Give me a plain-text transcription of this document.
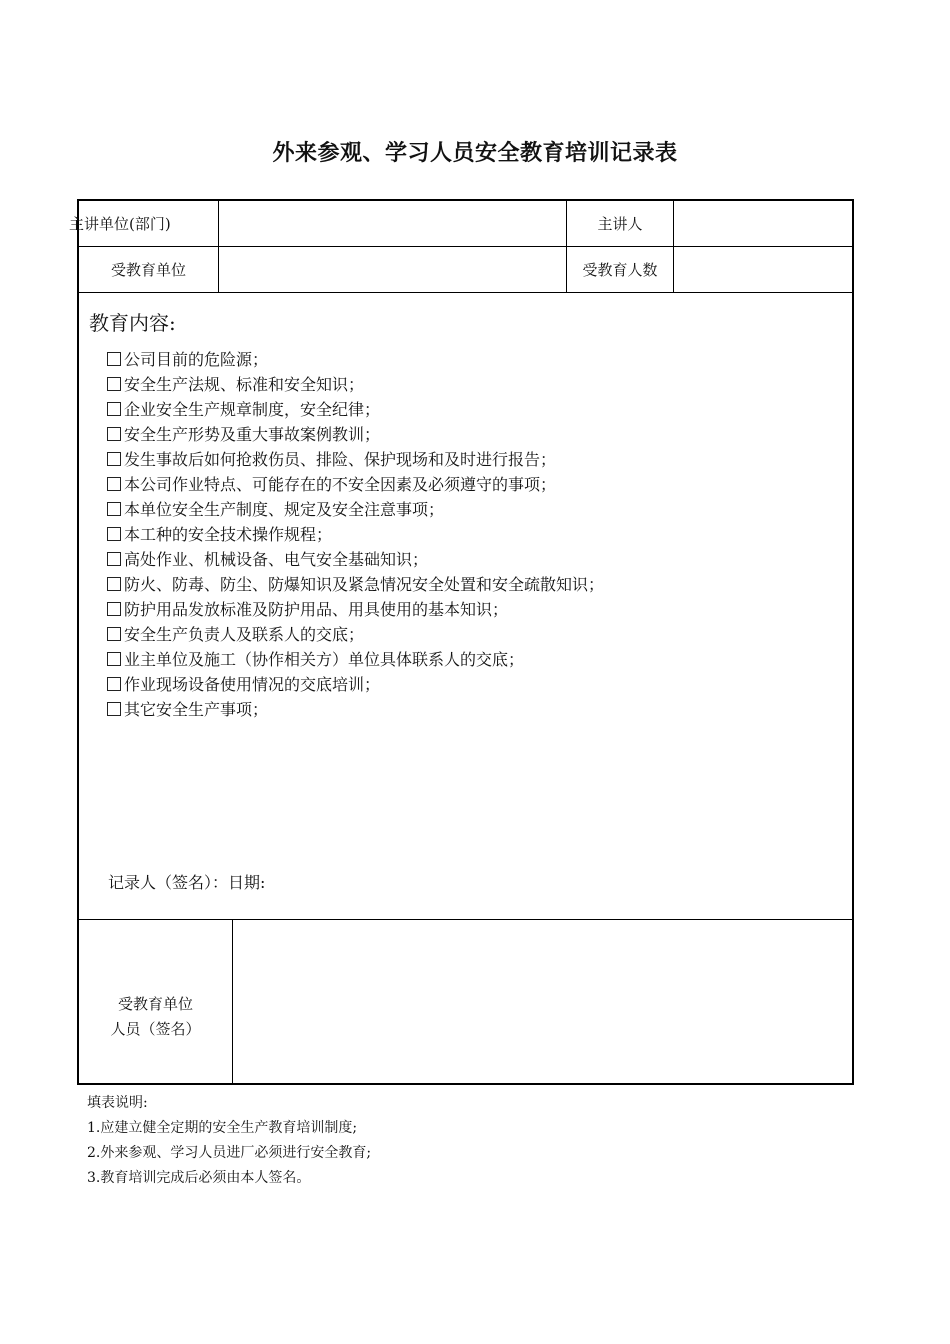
外来参观、学习人员安全教育培训记录表
主讲单位(部门)	主讲人
受教育单位	受教育人数
教育内容:
公司目前的危险源；
安全生产法规、标准和安全知识；
企业安全生产规章制度，安全纪律；
安全生产形势及重大事故案例教训；
发生事故后如何抢救伤员、排险、保护现场和及时进行报告；
本公司作业特点、可能存在的不安全因素及必须遵守的事项；
本单位安全生产制度、规定及安全注意事项；
本工种的安全技术操作规程；
高处作业、机械设备、电气安全基础知识；
防火、防毒、防尘、防爆知识及紧急情况安全处置和安全疏散知识；
防护用品发放标准及防护用品、用具使用的基本知识；
安全生产负责人及联系人的交底；
业主单位及施工（协作相关方）单位具体联系人的交底；
作业现场设备使用情况的交底培训；
其它安全生产事项；
记录人（签名）：日期:
受教育单位
人员（签名）
填表说明:
1.应建立健全定期的安全生产教育培训制度;
2.外来参观、学习人员进厂必须进行安全教育;
3.教育培训完成后必须由本人签名。
